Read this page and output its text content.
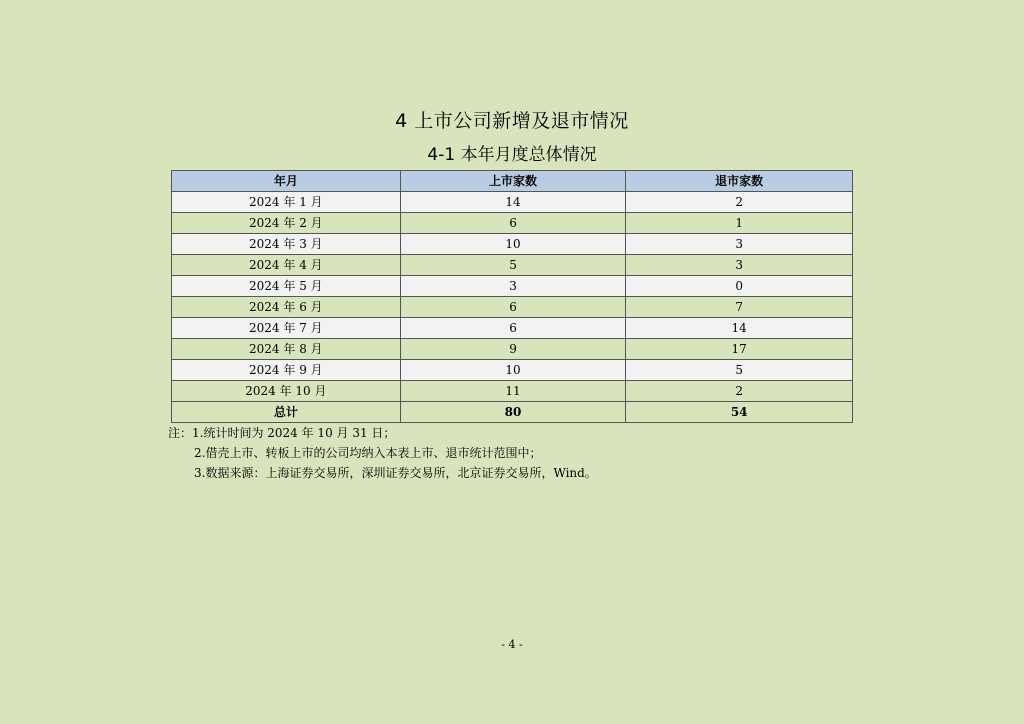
4 上市公司新增及退市情况
4-1 本年月度总体情况
年月	上市家数	退市家数
2024 年 1 月	14	2
2024 年 2 月	6	1
2024 年 3 月	10	3
2024 年 4 月	5	3
2024 年 5 月	3	0
2024 年 6 月	6	7
2024 年 7 月	6	14
2024 年 8 月	9	17
2024 年 9 月	10	5
2024 年 10 月	11	2
总计	80	54
注：1.统计时间为 2024 年 10 月 31 日；
2.借壳上市、转板上市的公司均纳入本表上市、退市统计范围中；
3.数据来源：上海证券交易所，深圳证券交易所，北京证券交易所，Wind。
- 4 -
